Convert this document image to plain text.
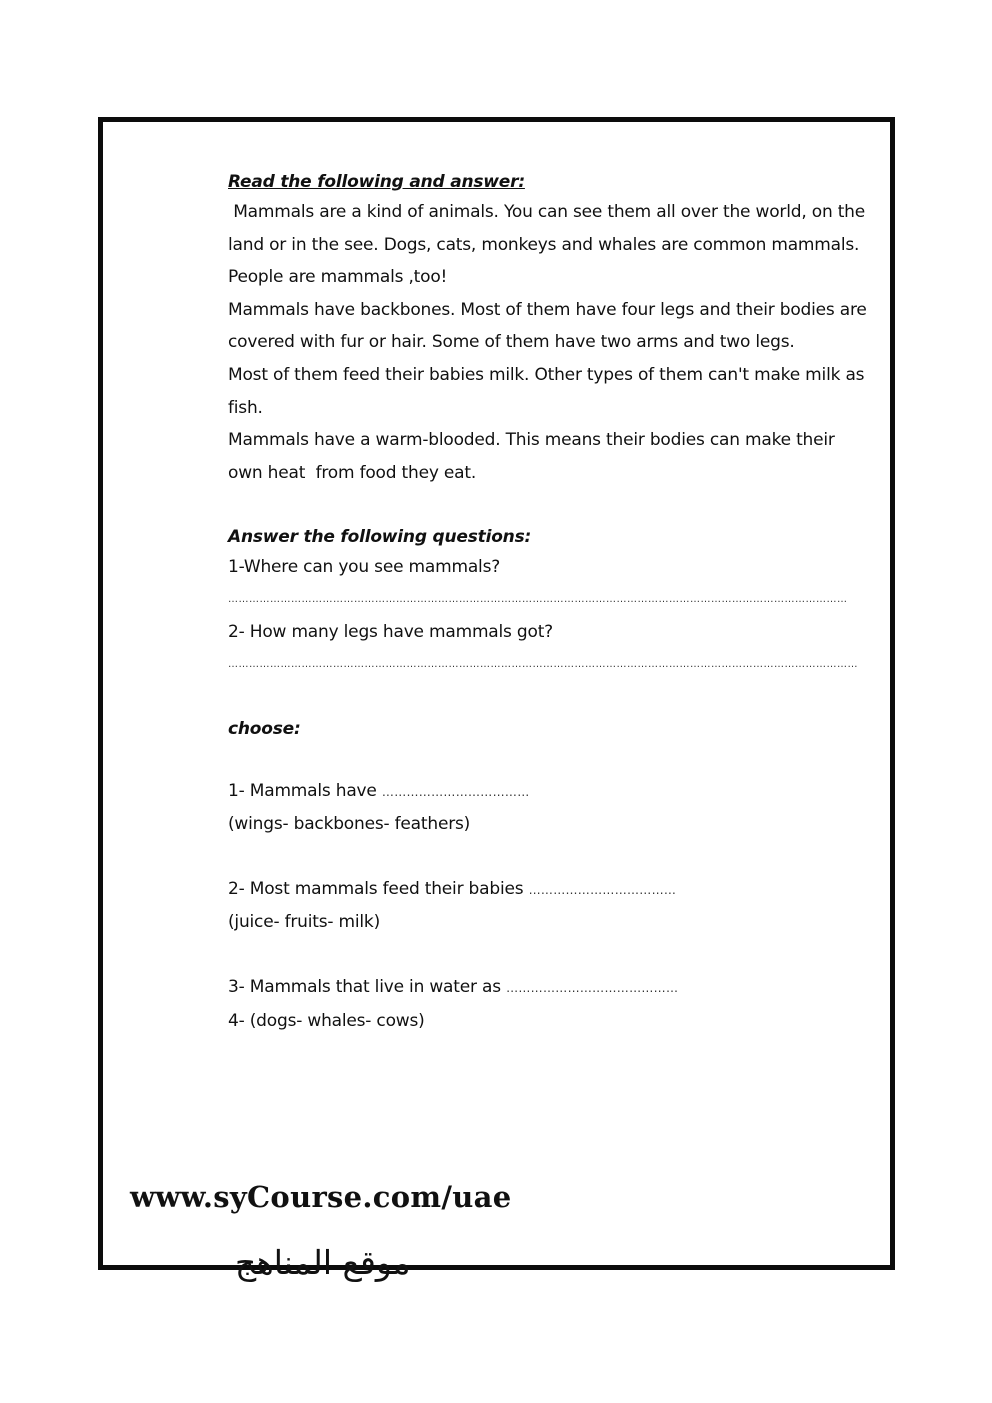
Read the following and answer:

Mammals are a kind of animals. You can see them all over the world, on the land or in the see. Dogs, cats, monkeys and whales are common mammals. People are mammals ,too!

Mammals have backbones. Most of them have four legs and their bodies are covered with fur or hair. Some of them have two arms and two legs.

Most of them feed their babies milk. Other types of them can't make milk as fish.

Mammals have a warm-blooded. This means their bodies can make their own heat  from food they eat.

Answer the following questions:

1-Where can you see mammals?

……………………………………………………………………………………………………………………………………………………………

2- How many legs have mammals got?

………………………………………………………………………………………………………………………………………………………………

choose:

1- Mammals have ………………………………

(wings- backbones- feathers)

2- Most mammals feed their babies ………………………………

(juice- fruits- milk)

3- Mammals that live in water as ……………………………………

4- (dogs- whales- cows)

www.syCourse.com/uae
موقع المناهج
